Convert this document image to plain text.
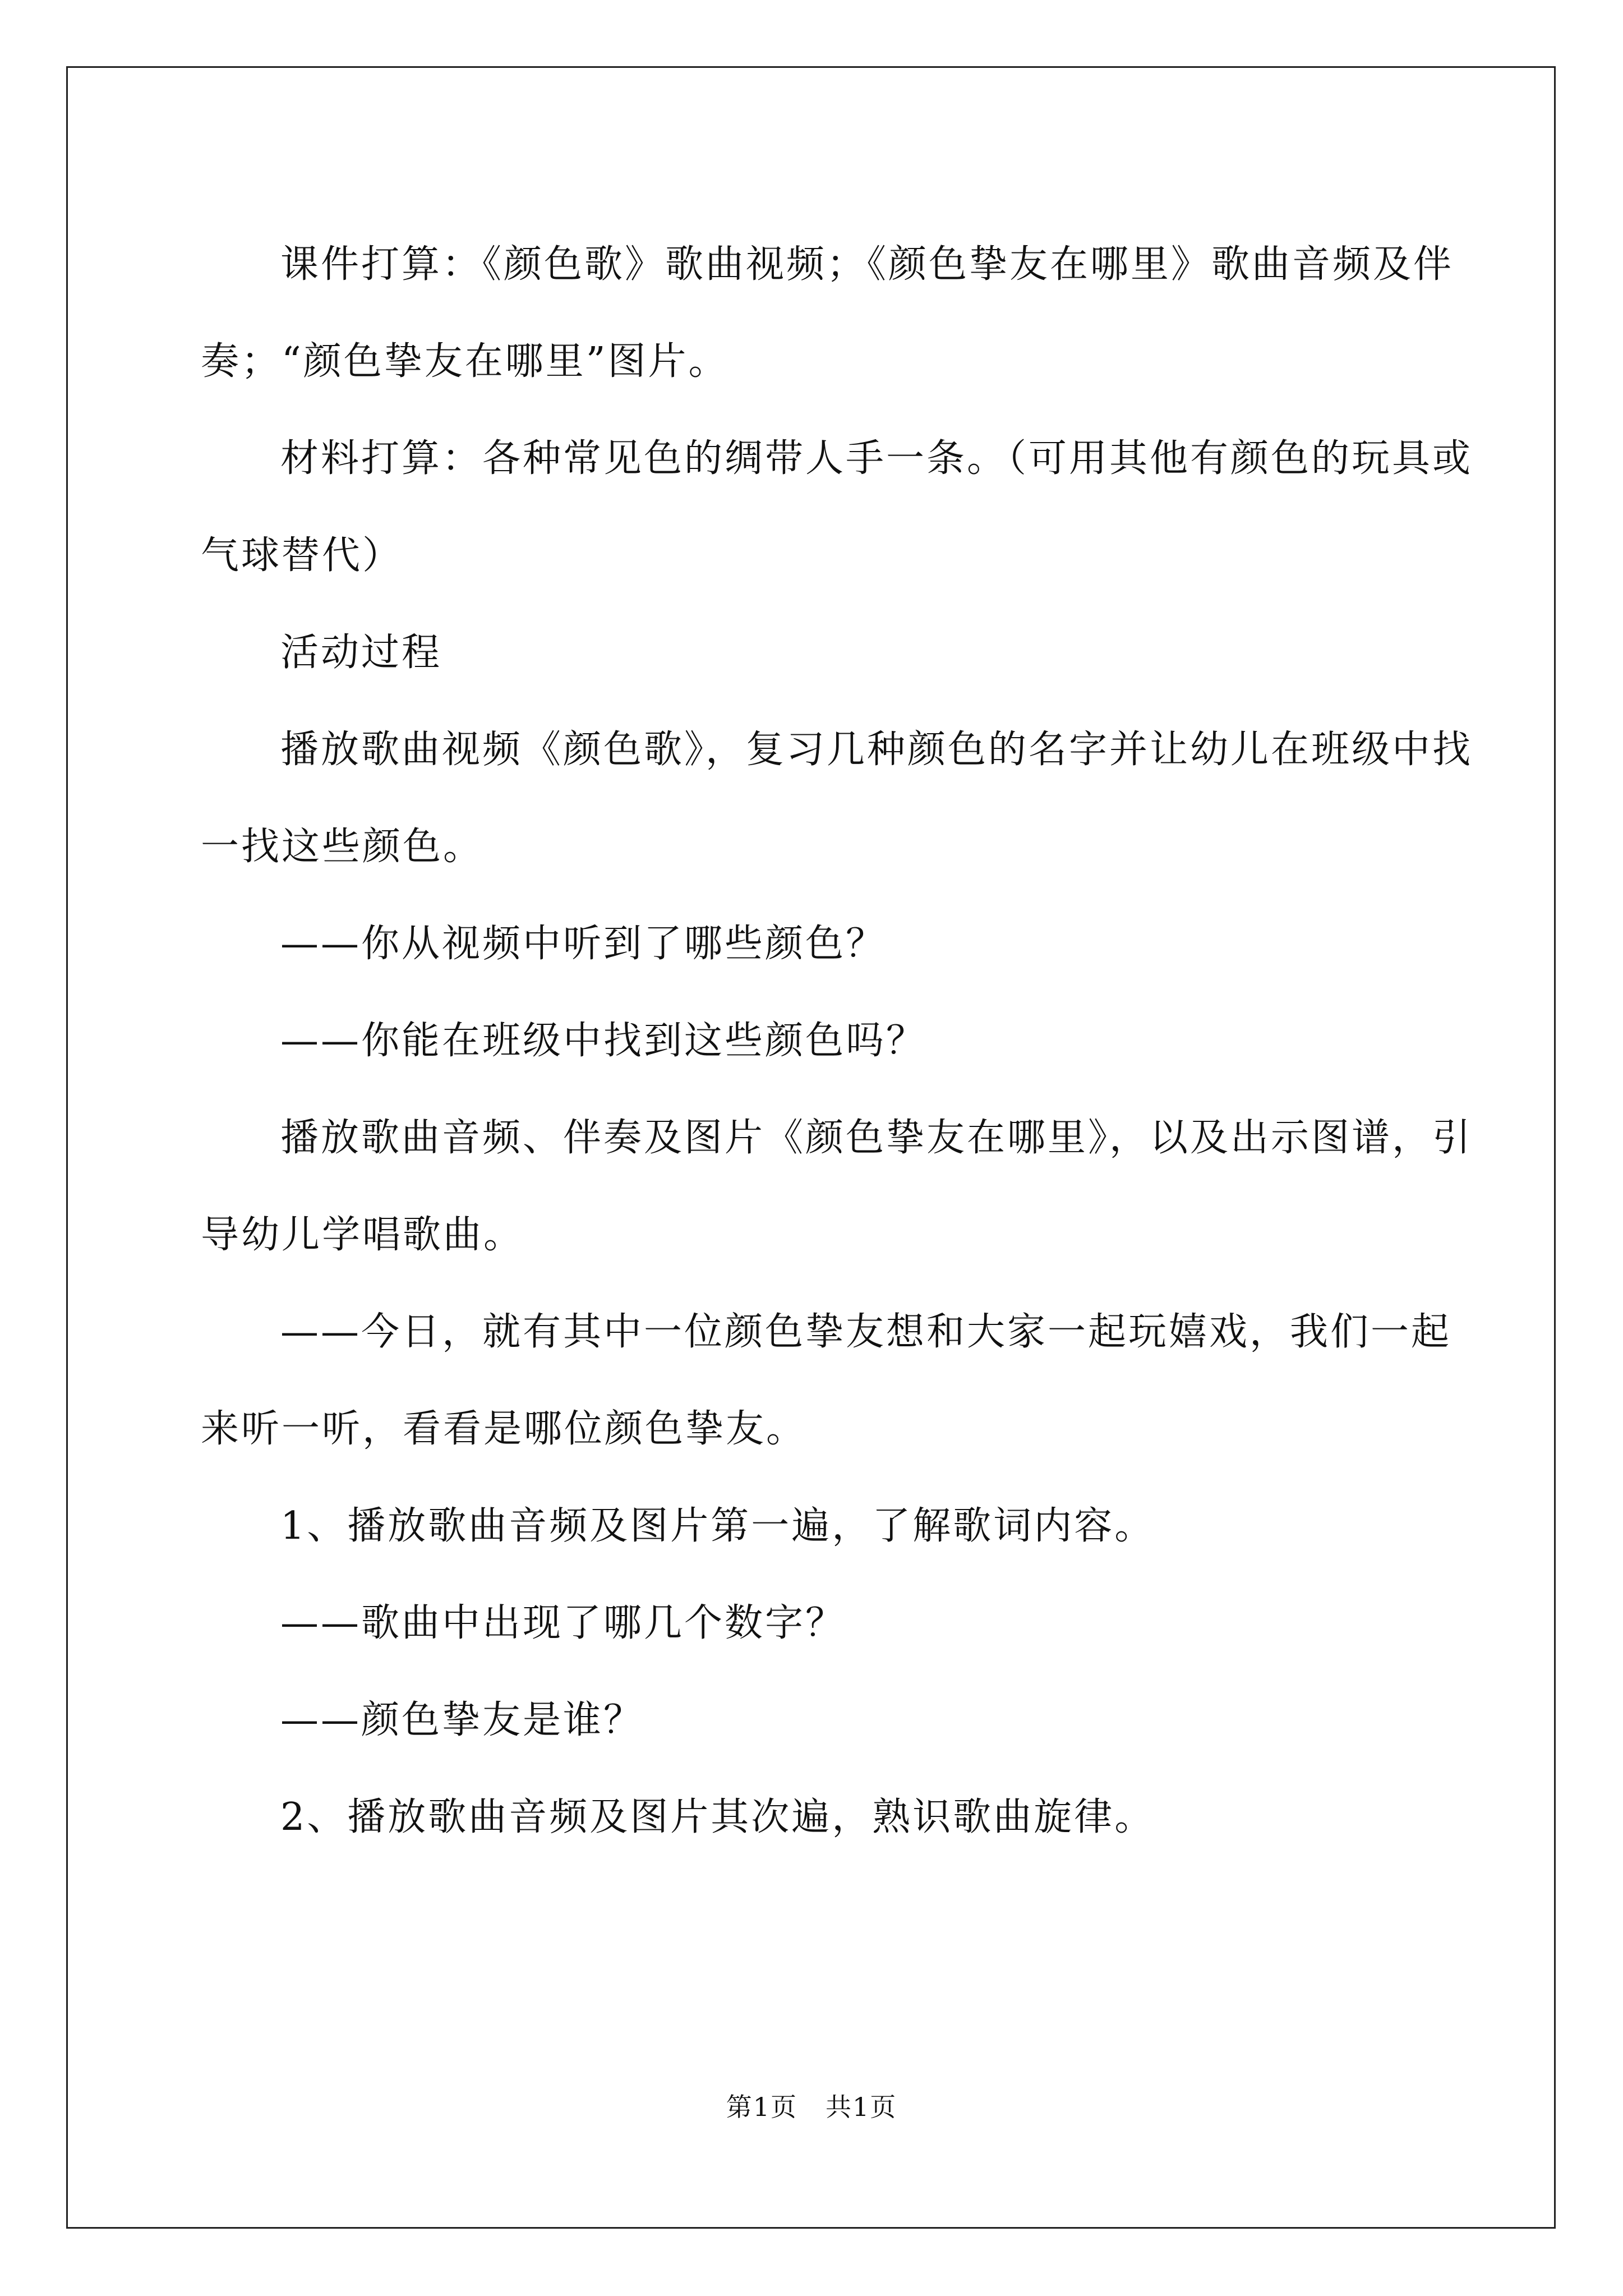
课件打算：《颜色歌》歌曲视频；《颜色挚友在哪里》歌曲音频及伴奏；“颜色挚友在哪里”图片。

材料打算：各种常见色的绸带人手一条。（可用其他有颜色的玩具或气球替代）

活动过程

播放歌曲视频《颜色歌》，复习几种颜色的名字并让幼儿在班级中找一找这些颜色。

——你从视频中听到了哪些颜色？

——你能在班级中找到这些颜色吗？

播放歌曲音频、伴奏及图片《颜色挚友在哪里》，以及出示图谱，引导幼儿学唱歌曲。

——今日，就有其中一位颜色挚友想和大家一起玩嬉戏，我们一起来听一听，看看是哪位颜色挚友。

1、播放歌曲音频及图片第一遍，了解歌词内容。

——歌曲中出现了哪几个数字？

——颜色挚友是谁？

2、播放歌曲音频及图片其次遍，熟识歌曲旋律。

第1页 共1页
